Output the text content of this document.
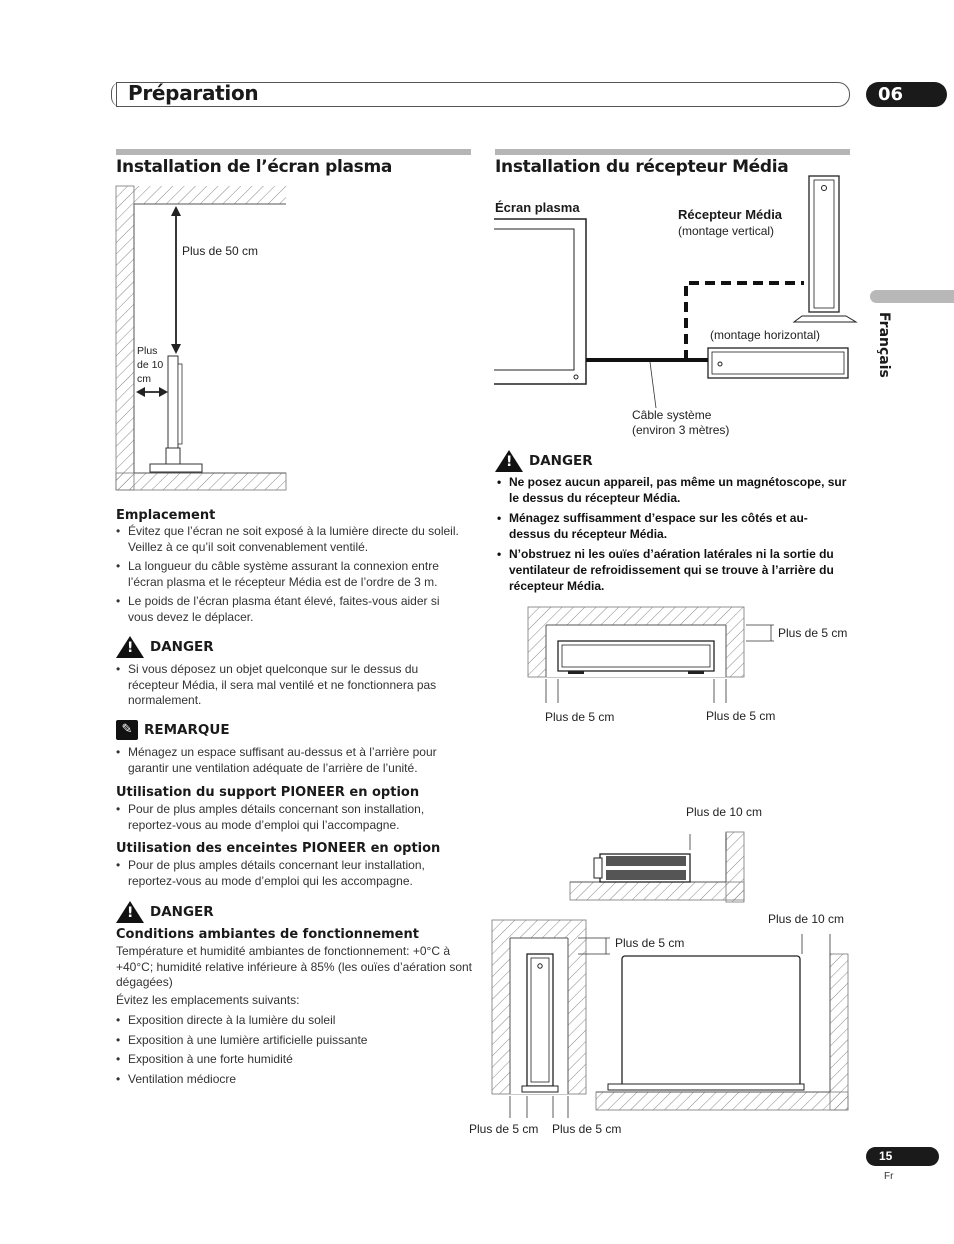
Préparation	06
Français
Installation de l’écran plasma
Plus de 50 cm
Plus
de 10
cm
Emplacement
• Évitez que l’écran ne soit exposé à la lumière directe du soleil. Veillez à ce qu’il soit convenablement ventilé.
• La longueur du câble système assurant la connexion entre l’écran plasma et le récepteur Média est de l’ordre de 3 m.
• Le poids de l’écran plasma étant élevé, faites-vous aider si vous devez le déplacer.
!
DANGER
• Si vous déposez un objet quelconque sur le dessus du récepteur Média, il sera mal ventilé et ne fonctionnera pas normalement.
✎ REMARQUE
• Ménagez un espace suffisant au-dessus et à l’arrière pour garantir une ventilation adéquate de l’arrière de l’unité.
Utilisation du support PIONEER en option
• Pour de plus amples détails concernant son installation, reportez-vous au mode d’emploi qui l’accompagne.
Utilisation des enceintes PIONEER en option
• Pour de plus amples détails concernant leur installation, reportez-vous au mode d’emploi qui les accompagne.
!
DANGER
Conditions ambiantes de fonctionnement
Température et humidité ambiantes de fonctionnement: +0°C à +40°C; humidité relative inférieure à 85% (les ouïes d’aération sont dégagées)
Évitez les emplacements suivants:
• Exposition directe à la lumière du soleil
• Exposition à une lumière artificielle puissante
• Exposition à une forte humidité
• Ventilation médiocre
Installation du récepteur Média
Écran plasma	Récepteur Média
(montage vertical)
(montage horizontal)
Câble système
(environ 3 mètres)
!
DANGER
• Ne posez aucun appareil, pas même un magnétoscope, sur le dessus du récepteur Média.
• Ménagez suffisamment d’espace sur les côtés et au-dessus du récepteur Média.
• N’obstruez ni les ouïes d’aération latérales ni la sortie du ventilateur de refroidissement qui se trouve à l’arrière du récepteur Média.
Plus de 5 cm
Plus de 5 cm	Plus de 5 cm
Plus de 10 cm
Plus de 5 cm
Plus de 10 cm
Plus de 5 cm Plus de 5 cm
15
Fr
